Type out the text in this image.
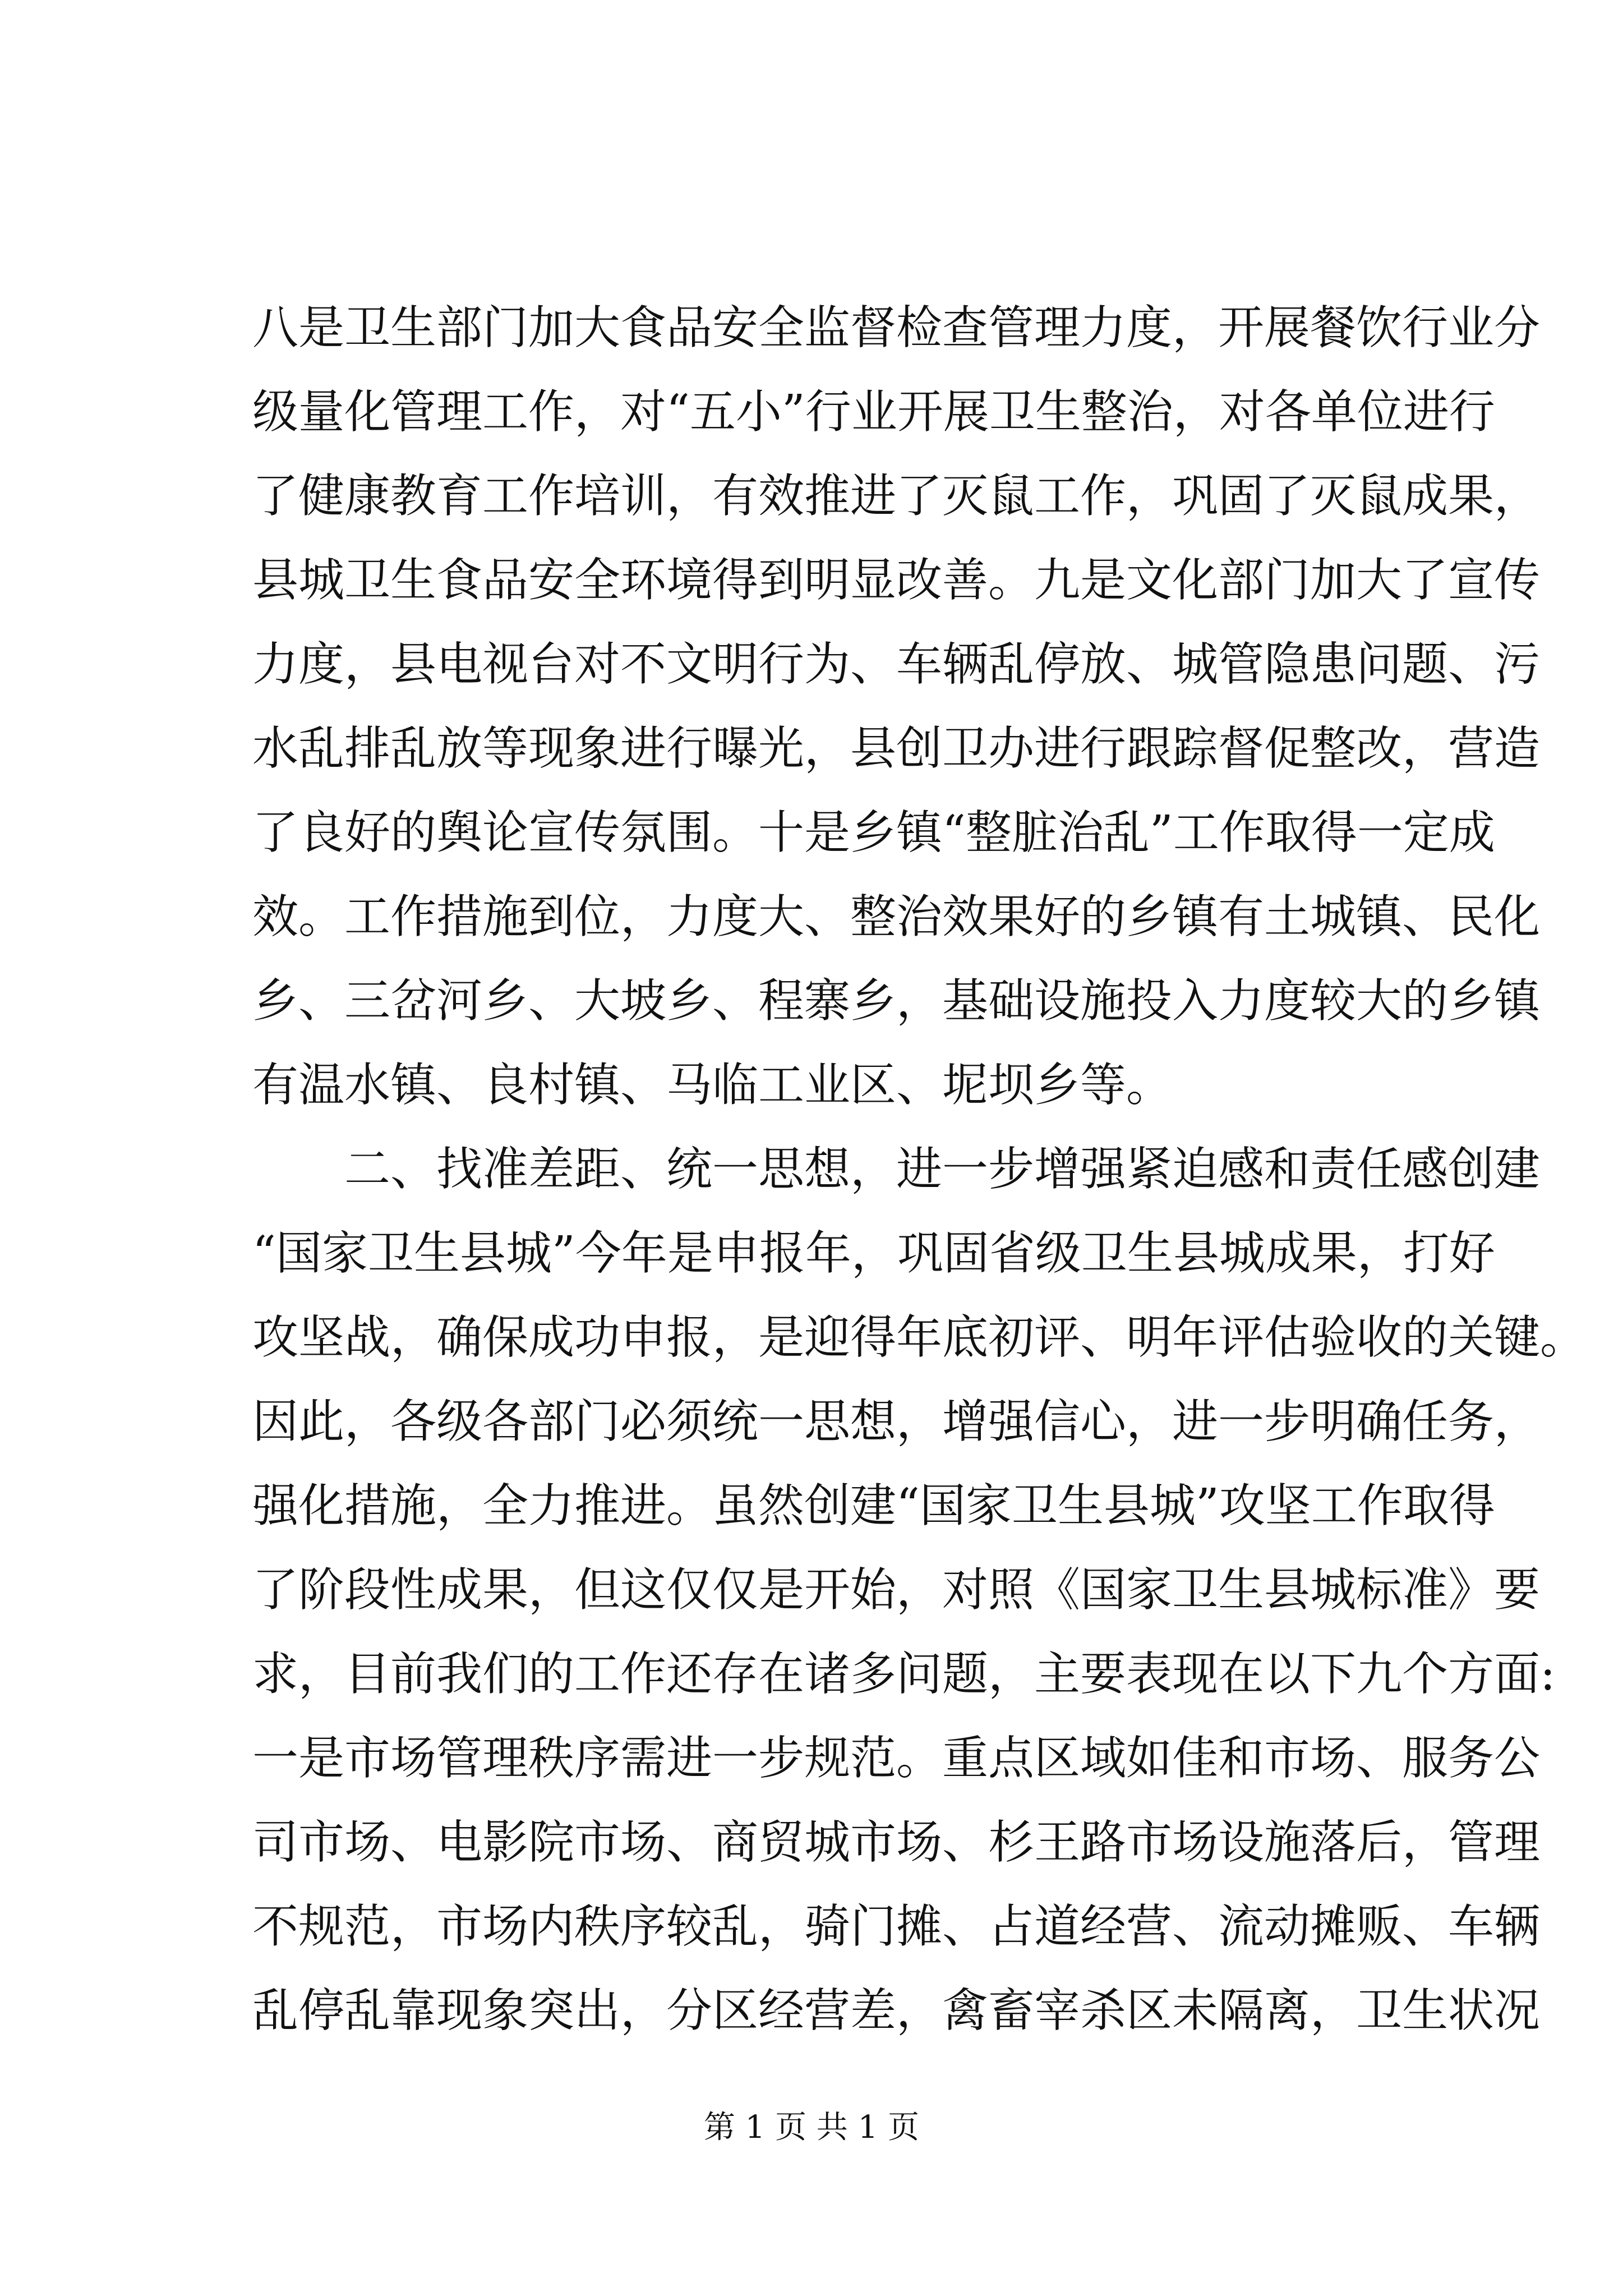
八是卫生部门加大食品安全监督检查管理力度，开展餐饮行业分
级量化管理工作，对“五小”行业开展卫生整治，对各单位进行
了健康教育工作培训，有效推进了灭鼠工作，巩固了灭鼠成果，
县城卫生食品安全环境得到明显改善。九是文化部门加大了宣传
力度，县电视台对不文明行为、车辆乱停放、城管隐患问题、污
水乱排乱放等现象进行曝光，县创卫办进行跟踪督促整改，营造
了良好的舆论宣传氛围。十是乡镇“整脏治乱”工作取得一定成
效。工作措施到位，力度大、整治效果好的乡镇有土城镇、民化
乡、三岔河乡、大坡乡、程寨乡，基础设施投入力度较大的乡镇
有温水镇、良村镇、马临工业区、坭坝乡等。
二、找准差距、统一思想，进一步增强紧迫感和责任感创建
“国家卫生县城”今年是申报年，巩固省级卫生县城成果，打好
攻坚战，确保成功申报，是迎得年底初评、明年评估验收的关键。
因此，各级各部门必须统一思想，增强信心，进一步明确任务，
强化措施，全力推进。虽然创建“国家卫生县城”攻坚工作取得
了阶段性成果，但这仅仅是开始，对照《国家卫生县城标准》要
求，目前我们的工作还存在诸多问题，主要表现在以下九个方面:
一是市场管理秩序需进一步规范。重点区域如佳和市场、服务公
司市场、电影院市场、商贸城市场、杉王路市场设施落后，管理
不规范，市场内秩序较乱，骑门摊、占道经营、流动摊贩、车辆
乱停乱靠现象突出，分区经营差，禽畜宰杀区未隔离，卫生状况
第 1 页 共 1 页
